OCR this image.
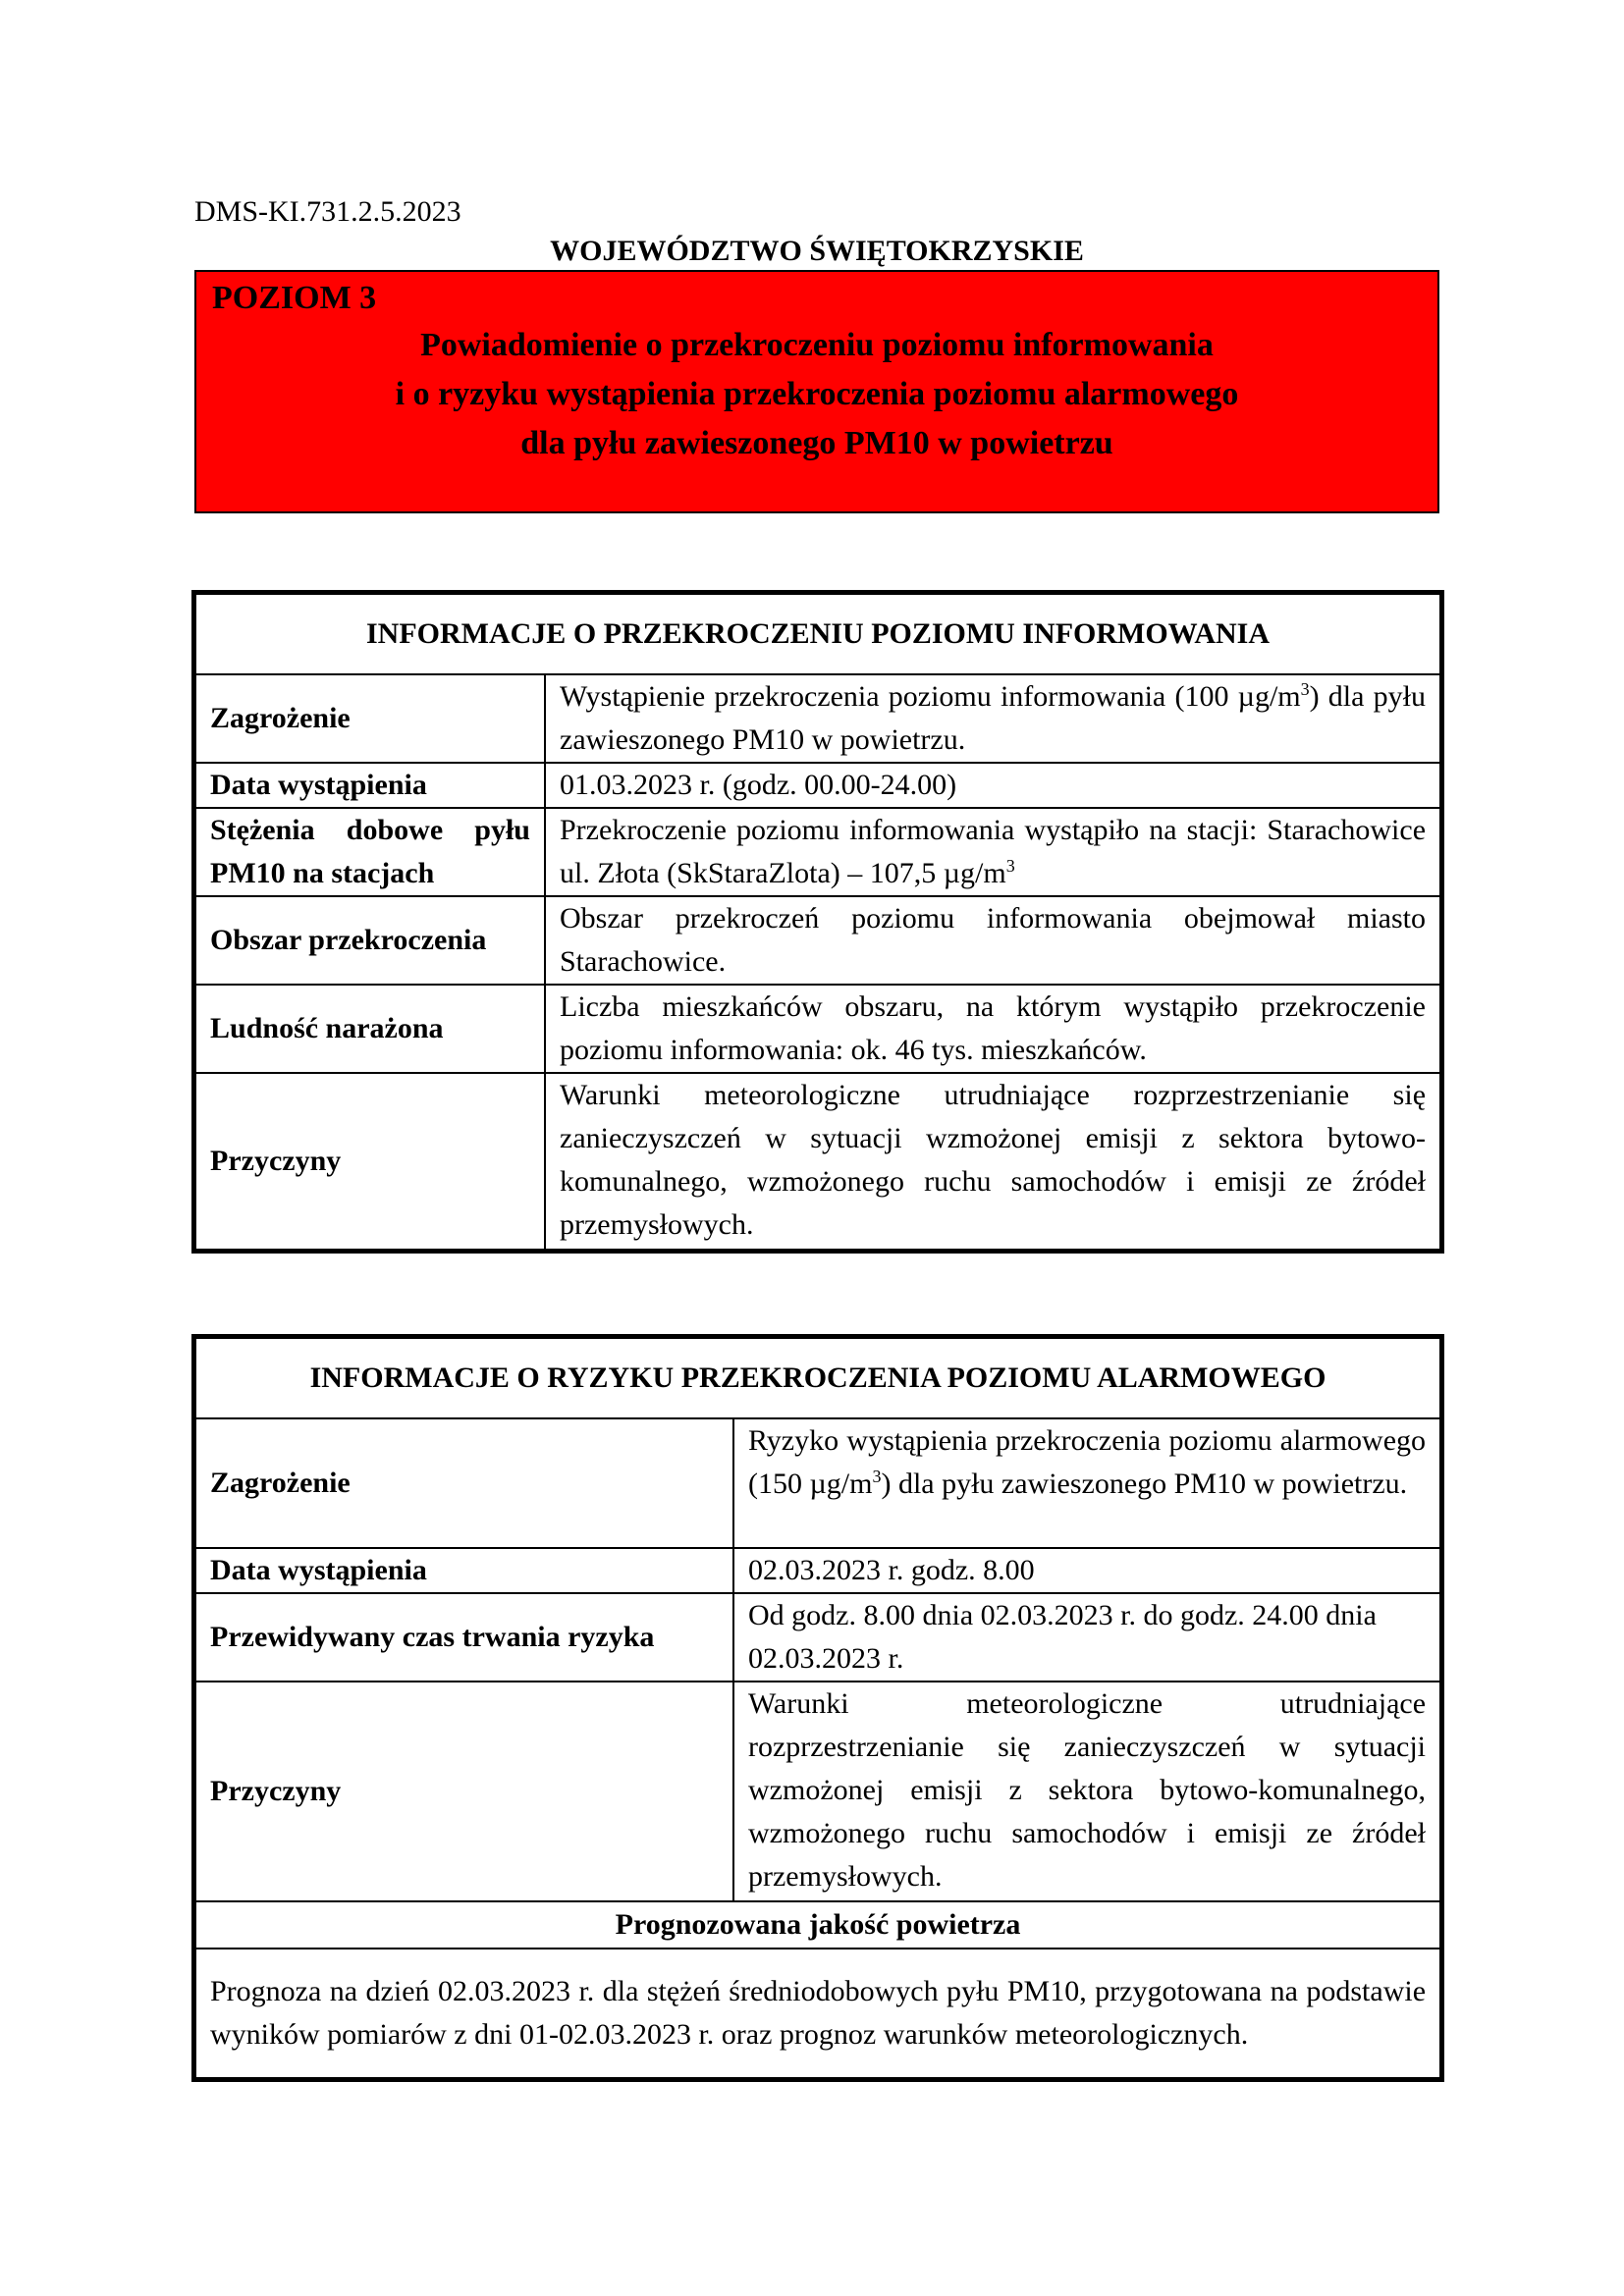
DMS-KI.731.2.5.2023
WOJEWÓDZTWO ŚWIĘTOKRZYSKIE
POZIOM 3
Powiadomienie o przekroczeniu poziomu informowania
i o ryzyku wystąpienia przekroczenia poziomu alarmowego
dla pyłu zawieszonego PM10 w powietrzu
INFORMACJE O PRZEKROCZENIU POZIOMU INFORMOWANIA	
Zagrożenie	Wystąpienie przekroczenia poziomu informowania (100 $\mu g/m^3$) dla pyłu zawieszonego PM10 w powietrzu.
Data wystąpienia	01.03.2023 r. (godz. 00.00-24.00)
Stężenia dobowe pyłu PM10 na stacjach	Przekroczenie poziomu informowania wystąpiło na stacji: Starachowice ul. Złota (SkStaraZlota) – 107,5 $\mu g/m^3$
Obszar przekroczenia	Obszar przekroczeń poziomu informowania obejmował miasto Starachowice.
Ludność narażona	Liczba mieszkańców obszaru, na którym wystąpiło przekroczenie poziomu informowania: ok. 46 tys. mieszkańców.
Przyczyny	Warunki meteorologiczne utrudniające rozprzestrzenianie się zanieczyszczeń w sytuacji wzmożonej emisji z sektora bytowo-komunalnego, wzmożonego ruchu samochodów i emisji ze źródeł przemysłowych.
INFORMACJE O RYZYKU PRZEKROCZENIA POZIOMU ALARMOWEGO	
Zagrożenie	Ryzyko wystąpienia przekroczenia poziomu alarmowego (150 $\mu g/m^3$) dla pyłu zawieszonego PM10 w powietrzu.
Data wystąpienia	02.03.2023 r. godz. 8.00
Przewidywany czas trwania ryzyka	Od godz. 8.00 dnia 02.03.2023 r. do godz. 24.00 dnia 02.03.2023 r.
Przyczyny	Warunki meteorologiczne utrudniające rozprzestrzenianie się zanieczyszczeń w sytuacji wzmożonej emisji z sektora bytowo-komunalnego, wzmożonego ruchu samochodów i emisji ze źródeł przemysłowych.
Prognozowana jakość powietrza	
Prognoza na dzień 02.03.2023 r. dla stężeń średniodobowych pyłu PM10, przygotowana na podstawie wyników pomiarów z dni 01-02.03.2023 r. oraz prognoz warunków meteorologicznych.	
